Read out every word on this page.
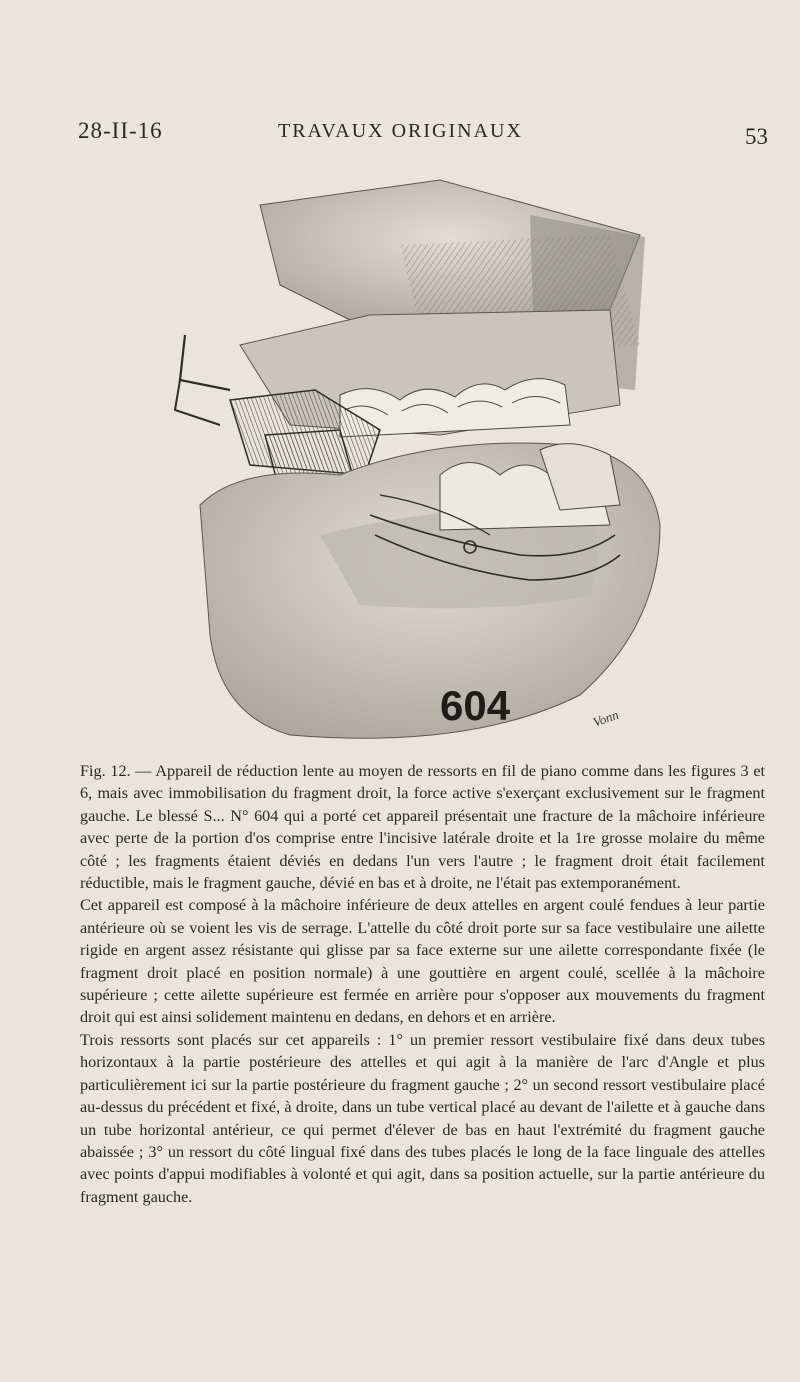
28-II-16	TRAVAUX ORIGINAUX	53
604	Vonn

Fig. 12. — Appareil de réduction lente au moyen de ressorts en fil de piano comme dans les figures 3 et 6, mais avec immobilisation du fragment droit, la force active s'exerçant exclusivement sur le fragment gauche. Le blessé S... N° 604 qui a porté cet appareil présentait une fracture de la mâchoire inférieure avec perte de la portion d'os comprise entre l'incisive latérale droite et la 1re grosse molaire du même côté ; les fragments étaient déviés en dedans l'un vers l'autre ; le fragment droit était facilement réductible, mais le fragment gauche, dévié en bas et à droite, ne l'était pas extemporanément.

Cet appareil est composé à la mâchoire inférieure de deux attelles en argent coulé fendues à leur partie antérieure où se voient les vis de serrage. L'attelle du côté droit porte sur sa face vestibulaire une ailette rigide en argent assez résistante qui glisse par sa face externe sur une ailette correspondante fixée (le fragment droit placé en position normale) à une gouttière en argent coulé, scellée à la mâchoire supérieure ; cette ailette supérieure est fermée en arrière pour s'opposer aux mouvements du fragment droit qui est ainsi solidement maintenu en dedans, en dehors et en arrière.

Trois ressorts sont placés sur cet appareils : 1° un premier ressort vestibulaire fixé dans deux tubes horizontaux à la partie postérieure des attelles et qui agit à la manière de l'arc d'Angle et plus particulièrement ici sur la partie postérieure du fragment gauche ; 2° un second ressort vestibulaire placé au-dessus du précédent et fixé, à droite, dans un tube vertical placé au devant de l'ailette et à gauche dans un tube horizontal antérieur, ce qui permet d'élever de bas en haut l'extrémité du fragment gauche abaissée ; 3° un ressort du côté lingual fixé dans des tubes placés le long de la face linguale des attelles avec points d'appui modifiables à volonté et qui agit, dans sa position actuelle, sur la partie antérieure du fragment gauche.
